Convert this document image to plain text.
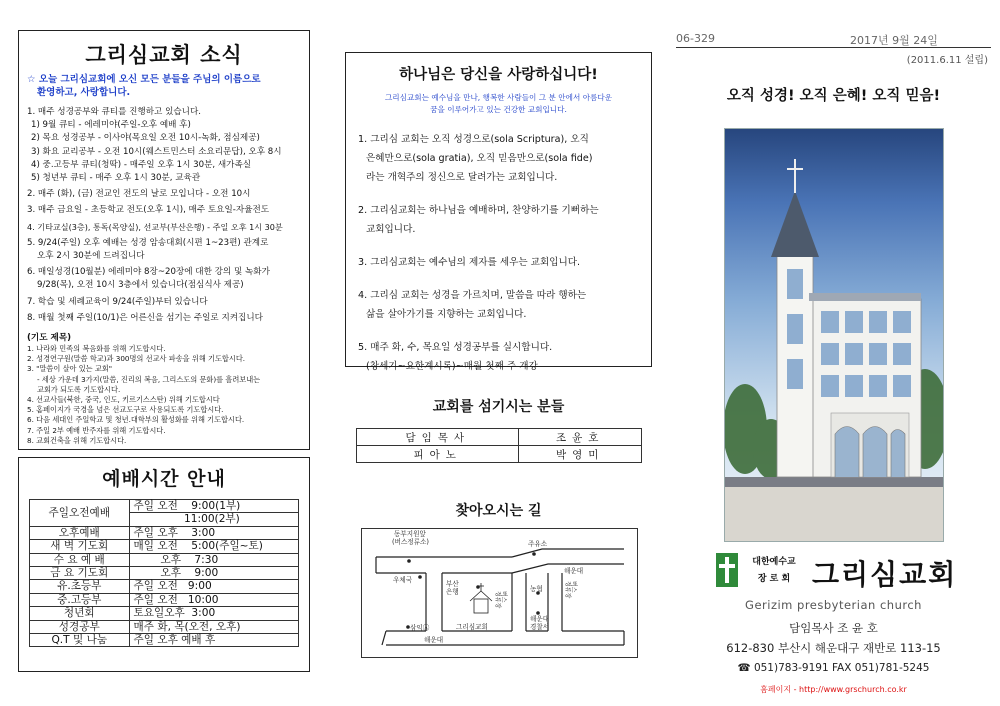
그리심교회 소식
☆ 오늘 그리심교회에 오신 모든 분들을 주님의 이름으로
환영하고, 사랑합니다.
1. 매주 성경공부와 큐티를 진행하고 있습니다.
1) 9월 큐티 - 에레미야(주일-오후 예배 후)
2) 목요 성경공부 - 이사야(목요일 오전 10시-녹화, 점심제공)
3) 화요 교리공부 - 오전 10시(웨스트민스터 소요리문답), 오후 8시
4) 중.고등부 큐티(청딱) - 매주일 오후 1시 30분, 새가족실
5) 청년부 큐티 - 매주 오후 1시 30분, 교육관
2. 매주 (화), (금) 전교인 전도의 날로 모입니다 - 오전 10시
3. 매주 금요일 - 초등학교 전도(오후 1시), 매주 토요일-자율전도
4. 기타교실(3층), 통독(목양실), 선교부(부산은행) - 주일 오후 1시 30분
5. 9/24(주일) 오후 예배는 성경 암송대회(시편 1~23편) 관계로
오후 2시 30분에 드려집니다
6. 매일성경(10월분) 에레미야 8장~20장에 대한 강의 및 녹화가
9/28(목), 오전 10시 3층에서 있습니다(점심식사 제공)
7. 학습 및 세례교육이 9/24(주일)부터 있습니다
8. 매월 첫째 주일(10/1)은 어른신을 섬기는 주일로 지켜집니다
(기도 제목)
1. 나라와 민족의 복음화를 위해 기도합시다.
2. 성경연구원(말씀 학교)과 300명의 선교사 파송을 위해 기도합시다.
3. "말씀이 살아 있는 교회"
- 세상 가운데 3가지(말씀, 진리의 복음, 그리스도의 문화)를 흘려보내는
교회가 되도록 기도합시다.
4. 선교사들(북한, 중국, 인도, 키르기스스탄) 위해 기도합시다
5. 홈페이지가 국경을 넘은 선교도구로 사용되도록 기도합시다.
6. 다음 세대인 주일학교 및 청년.대학부의 활성화를 위해 기도합시다.
7. 주일 2부 예배 반주자를 위해 기도합시다.
8. 교회건축을 위해 기도합시다.
예배시간 안내
주일오전예배	주일 오전    9:00(1부)
	11:00(2부)
오후예배	주일 오후    3:00
새 벽 기도회	매일 오전    5:00(주일~토)
수 요 예 배	오후    7:30
금 요 기도회	오후    9:00
유.초등부	주일 오전   9:00
중.고등부	주일 오전   10:00
청년회	토요일오후  3:00
성경공부	매주 화, 목(오전, 오후)
Q.T 및 나눔	주일 오후 예배 후
하나님은 당신을 사랑하십니다!
그리심교회는 예수님을 만나, 행복한 사람들이 그 분 안에서 아름다운
꿈을 이루어가고 있는 건강한 교회입니다.
1. 그리심 교회는 오직 성경으로(sola Scriptura), 오직
은혜만으로(sola gratia), 오직 믿음만으로(sola fide)
라는 개혁주의 정신으로 달려가는 교회입니다.
2. 그리심교회는 하나님을 예배하며, 찬양하기를 기뻐하는
교회입니다.
3. 그리심교회는 예수님의 제자를 세우는 교회입니다.
4. 그리심 교회는 성경을 가르치며, 말씀을 따라 행하는
삶을 살아가기를 지향하는 교회입니다.
5. 매주 화, 수, 목요일 성경공부를 실시합니다.
(창세기~요한계시록)~매월 첫째 주 개강
교회를 섬기시는 분들
담임목사	조윤호
피아노	박영미
찾아오시는 길
동부지원앞
(버스정류소)	주유소
우체국	부산
은행
해운대
농협
해운대
경찰서
그리심교회
삼익Ⓐ
해운대
버스
정류장
버스
정류장
06-329	2017년 9월 24일
(2011.6.11 설립)
오직 성경! 오직 은혜! 오직 믿음!
대한예수교
장 로 회 그리심교회
Gerizim presbyterian church
담임목사 조 윤 호
612-830 부산시 해운대구 재반로 113-15
☎ 051)783-9191 FAX 051)781-5245
홈페이지 - http://www.grschurch.co.kr
